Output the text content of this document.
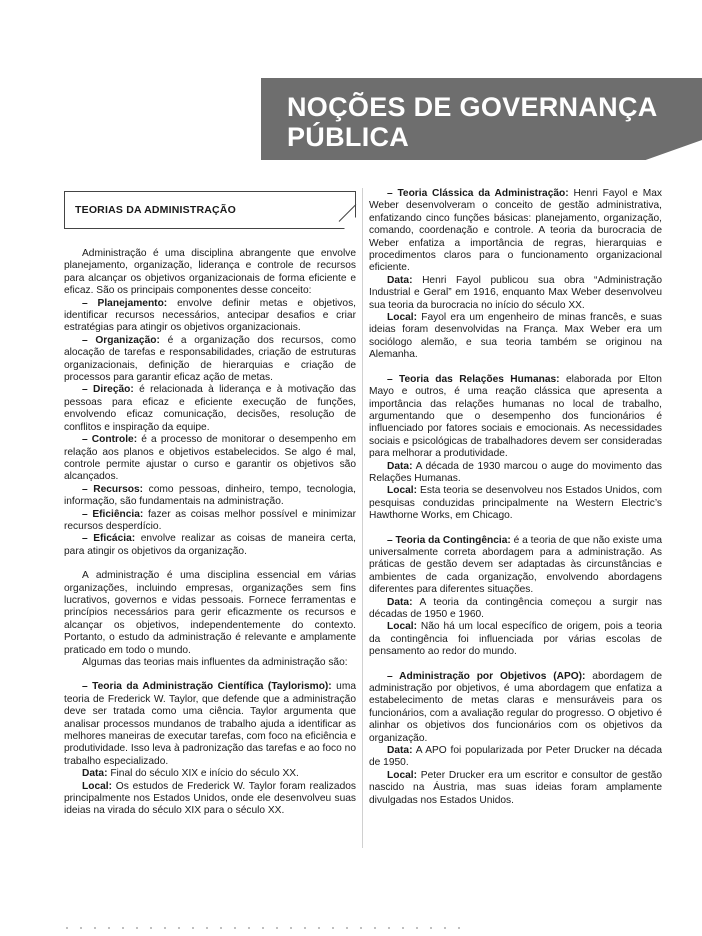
NOÇÕES DE GOVERNANÇA PÚBLICA
TEORIAS DA ADMINISTRAÇÃO

Administração é uma disciplina abrangente que envolve planejamento, organização, liderança e controle de recursos para alcançar os objetivos organizacionais de forma eficiente e eficaz. São os principais componentes desse conceito:

– Planejamento: envolve definir metas e objetivos, identificar recursos necessários, antecipar desafios e criar estratégias para atingir os objetivos organizacionais.

– Organização: é a organização dos recursos, como alocação de tarefas e responsabilidades, criação de estruturas organizacionais, definição de hierarquias e criação de processos para garantir eficaz ação de metas.

– Direção: é relacionada à liderança e à motivação das pessoas para eficaz e eficiente execução de funções, envolvendo eficaz comunicação, decisões, resolução de conflitos e inspiração da equipe.

– Controle: é a processo de monitorar o desempenho em relação aos planos e objetivos estabelecidos. Se algo é mal, controle permite ajustar o curso e garantir os objetivos são alcançados.

– Recursos: como pessoas, dinheiro, tempo, tecnologia, informação, são fundamentais na administração.

– Eficiência: fazer as coisas melhor possível e minimizar recursos desperdício.

– Eficácia: envolve realizar as coisas de maneira certa, para atingir os objetivos da organização.

A administração é uma disciplina essencial em várias organizações, incluindo empresas, organizações sem fins lucrativos, governos e vidas pessoais. Fornece ferramentas e princípios necessários para gerir eficazmente os recursos e alcançar os objetivos, independentemente do contexto. Portanto, o estudo da administração é relevante e amplamente praticado em todo o mundo.

Algumas das teorias mais influentes da administração são:

– Teoria da Administração Científica (Taylorismo): uma teoria de Frederick W. Taylor, que defende que a administração deve ser tratada como uma ciência. Taylor argumenta que analisar processos mundanos de trabalho ajuda a identificar as melhores maneiras de executar tarefas, com foco na eficiência e produtividade. Isso leva à padronização das tarefas e ao foco no trabalho especializado.

Data: Final do século XIX e início do século XX.

Local: Os estudos de Frederick W. Taylor foram realizados principalmente nos Estados Unidos, onde ele desenvolveu suas ideias na virada do século XIX para o século XX.

– Teoria Clássica da Administração: Henri Fayol e Max Weber desenvolveram o conceito de gestão administrativa, enfatizando cinco funções básicas: planejamento, organização, comando, coordenação e controle. A teoria da burocracia de Weber enfatiza a importância de regras, hierarquias e procedimentos claros para o funcionamento organizacional eficiente.

Data: Henri Fayol publicou sua obra “Administração Industrial e Geral” em 1916, enquanto Max Weber desenvolveu sua teoria da burocracia no início do século XX.

Local: Fayol era um engenheiro de minas francês, e suas ideias foram desenvolvidas na França. Max Weber era um sociólogo alemão, e sua teoria também se originou na Alemanha.

– Teoria das Relações Humanas: elaborada por Elton Mayo e outros, é uma reação clássica que apresenta a importância das relações humanas no local de trabalho, argumentando que o desempenho dos funcionários é influenciado por fatores sociais e emocionais. As necessidades sociais e psicológicas de trabalhadores devem ser consideradas para melhorar a produtividade.

Data: A década de 1930 marcou o auge do movimento das Relações Humanas.

Local: Esta teoria se desenvolveu nos Estados Unidos, com pesquisas conduzidas principalmente na Western Electric’s Hawthorne Works, em Chicago.

– Teoria da Contingência: é a teoria de que não existe uma universalmente correta abordagem para a administração. As práticas de gestão devem ser adaptadas às circunstâncias e ambientes de cada organização, envolvendo abordagens diferentes para diferentes situações.

Data: A teoria da contingência começou a surgir nas décadas de 1950 e 1960.

Local: Não há um local específico de origem, pois a teoria da contingência foi influenciada por várias escolas de pensamento ao redor do mundo.

– Administração por Objetivos (APO): abordagem de administração por objetivos, é uma abordagem que enfatiza a estabelecimento de metas claras e mensuráveis para os funcionários, com a avaliação regular do progresso. O objetivo é alinhar os objetivos dos funcionários com os objetivos da organização.

Data: A APO foi popularizada por Peter Drucker na década de 1950.

Local: Peter Drucker era um escritor e consultor de gestão nascido na Áustria, mas suas ideias foram amplamente divulgadas nos Estados Unidos.
